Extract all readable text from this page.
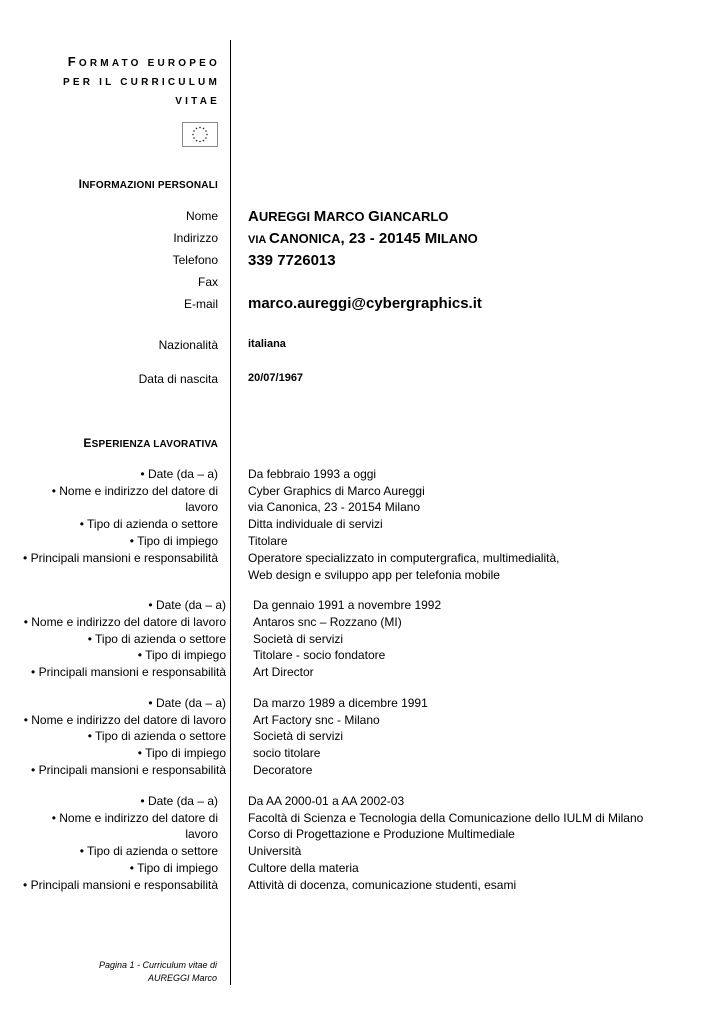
FORMATO EUROPEO
PER IL CURRICULUM
VITAE
INFORMAZIONI PERSONALI
Nome
Indirizzo
Telefono
Fax
E-mail
Nazionalità
Data di nascita
AUREGGI MARCO GIANCARLO
VIA CANONICA, 23 - 20145 MILANO
339 7726013
marco.aureggi@cybergraphics.it
italiana
20/07/1967
ESPERIENZA LAVORATIVA
• Date (da – a)
• Nome e indirizzo del datore di
lavoro
• Tipo di azienda o settore
• Tipo di impiego
• Principali mansioni e responsabilità
Da febbraio 1993 a oggi
Cyber Graphics di Marco Aureggi
via Canonica, 23 - 20154 Milano
Ditta individuale di servizi
Titolare
Operatore specializzato in computergrafica, multimedialità,
Web design e sviluppo app per telefonia mobile
• Date (da – a)
• Nome e indirizzo del datore di lavoro
• Tipo di azienda o settore
• Tipo di impiego
• Principali mansioni e responsabilità
Da gennaio 1991 a novembre 1992
Antaros snc – Rozzano (MI)
Società di servizi
Titolare - socio fondatore
Art Director
• Date (da – a)
• Nome e indirizzo del datore di lavoro
• Tipo di azienda o settore
• Tipo di impiego
• Principali mansioni e responsabilità
Da marzo 1989 a dicembre 1991
Art Factory snc - Milano
Società di servizi
socio titolare
Decoratore
• Date (da – a)
• Nome e indirizzo del datore di
lavoro
• Tipo di azienda o settore
• Tipo di impiego
• Principali mansioni e responsabilità
Da AA 2000-01 a AA 2002-03
Facoltà di Scienza e Tecnologia della Comunicazione dello IULM di Milano
Corso di Progettazione e Produzione Multimediale
Università
Cultore della materia
Attività di docenza, comunicazione studenti, esami
Pagina 1 - Curriculum vitae di
AUREGGI Marco
